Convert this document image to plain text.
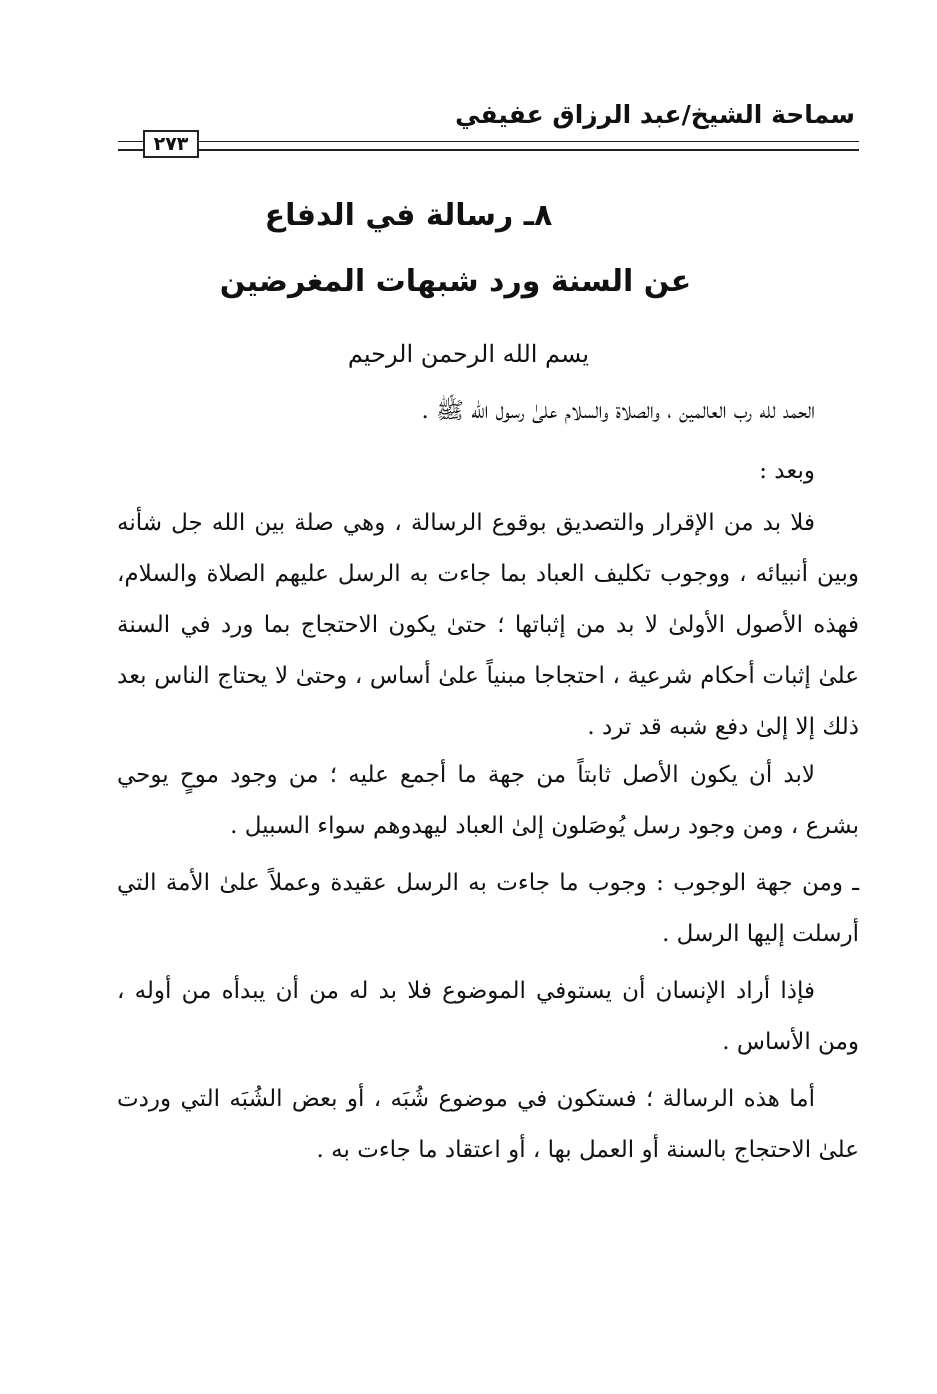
سماحة الشيخ/عبد الرزاق عفيفي
٢٧٣
٨ـ رسالة في الدفاع
عن السنة ورد شبهات المغرضين
يسم الله الرحمن الرحيم

الحمد لله رب العالمين ، والصلاة والسلام علىٰ رسول الله ﷺ .

وبعد :

فلا بد من الإقرار والتصديق بوقوع الرسالة ، وهي صلة بين الله جل شأنه وبين أنبيائه ، ووجوب تكليف العباد بما جاءت به الرسل عليهم الصلاة والسلام، فهذه الأصول الأولىٰ لا بد من إثباتها ؛ حتىٰ يكون الاحتجاج بما ورد في السنة علىٰ إثبات أحكام شرعية ، احتجاجا مبنياً علىٰ أساس ، وحتىٰ لا يحتاج الناس بعد ذلك إلا إلىٰ دفع شبه قد ترد .

لابد أن يكون الأصل ثابتاً من جهة ما أجمع عليه ؛ من وجود موحٍ يوحي بشرع ، ومن وجود رسل يُوصَلون إلىٰ العباد ليهدوهم سواء السبيل .

ـ ومن جهة الوجوب : وجوب ما جاءت به الرسل عقيدة وعملاً علىٰ الأمة التي أرسلت إليها الرسل .

فإذا أراد الإنسان أن يستوفي الموضوع فلا بد له من أن يبدأه من أوله ، ومن الأساس .

أما هذه الرسالة ؛ فستكون في موضوع شُبَه ، أو بعض الشُبَه التي وردت علىٰ الاحتجاج بالسنة أو العمل بها ، أو اعتقاد ما جاءت به .
